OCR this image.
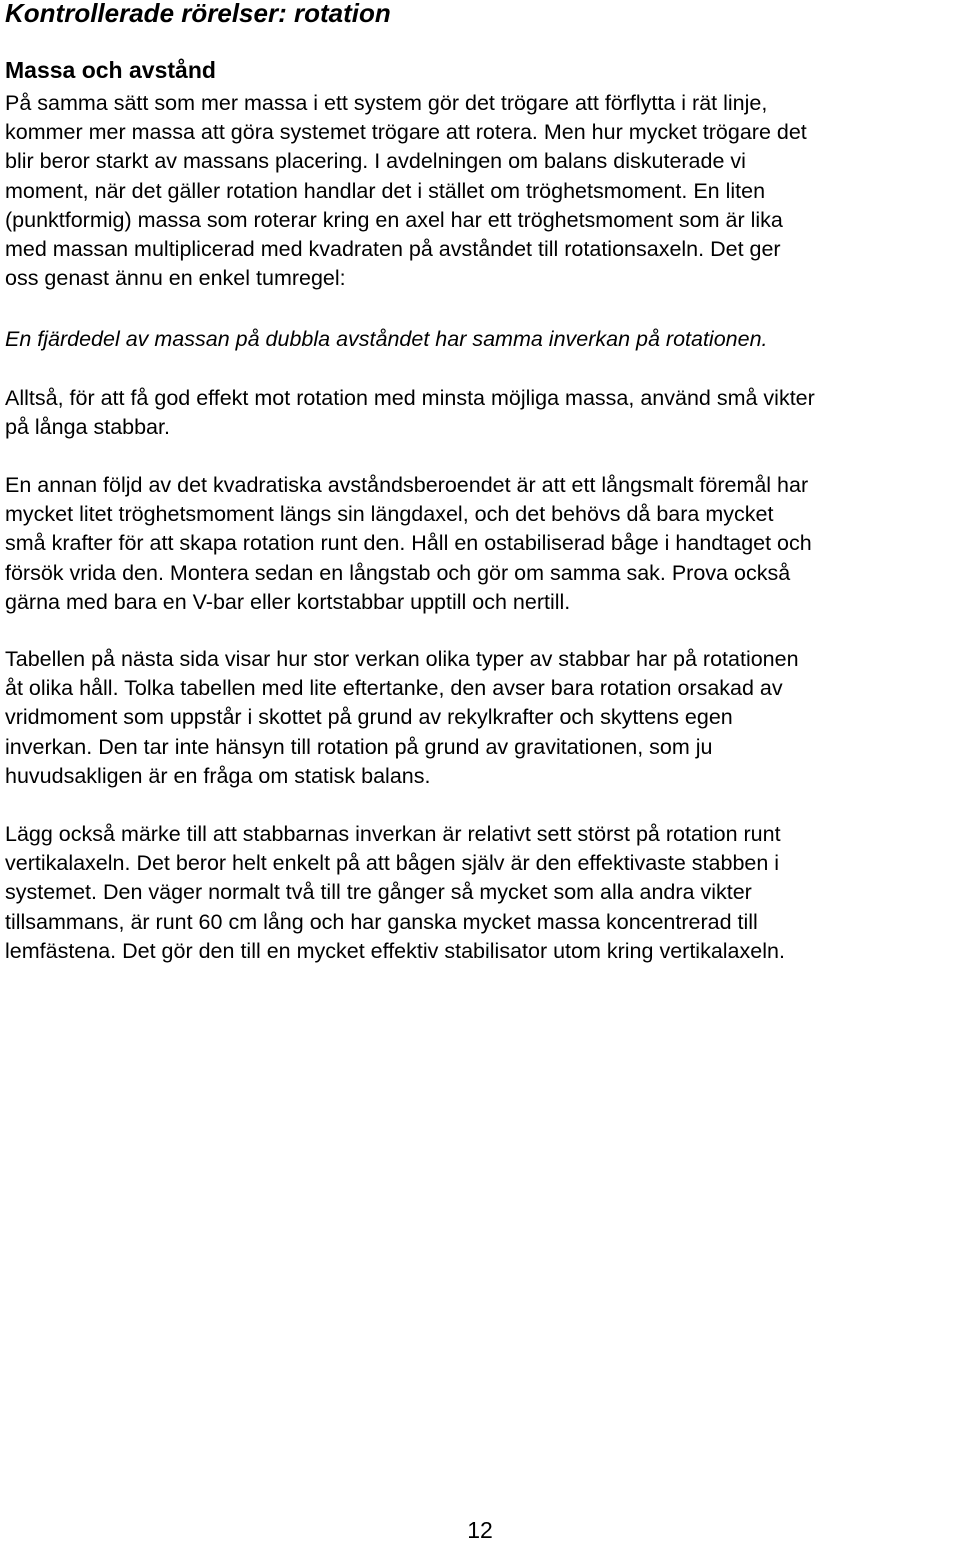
Kontrollerade rörelser: rotation
Massa och avstånd

På samma sätt som mer massa i ett system gör det trögare att förflytta i rät linje,
kommer mer massa att göra systemet trögare att rotera. Men hur mycket trögare det
blir beror starkt av massans placering. I avdelningen om balans diskuterade vi
moment, när det gäller rotation handlar det i stället om tröghetsmoment. En liten
(punktformig) massa som roterar kring en axel har ett tröghetsmoment som är lika
med massan multiplicerad med kvadraten på avståndet till rotationsaxeln. Det ger
oss genast ännu en enkel tumregel:

En fjärdedel av massan på dubbla avståndet har samma inverkan på rotationen.

Alltså, för att få god effekt mot rotation med minsta möjliga massa, använd små vikter
på långa stabbar.

En annan följd av det kvadratiska avståndsberoendet är att ett långsmalt föremål har
mycket litet tröghetsmoment längs sin längdaxel, och det behövs då bara mycket
små krafter för att skapa rotation runt den. Håll en ostabiliserad båge i handtaget och
försök vrida den. Montera sedan en långstab och gör om samma sak. Prova också
gärna med bara en V-bar eller kortstabbar upptill och nertill.

Tabellen på nästa sida visar hur stor verkan olika typer av stabbar har på rotationen
åt olika håll. Tolka tabellen med lite eftertanke, den avser bara rotation orsakad av
vridmoment som uppstår i skottet på grund av rekylkrafter och skyttens egen
inverkan. Den tar inte hänsyn till rotation på grund av gravitationen, som ju
huvudsakligen är en fråga om statisk balans.

Lägg också märke till att stabbarnas inverkan är relativt sett störst på rotation runt
vertikalaxeln. Det beror helt enkelt på att bågen själv är den effektivaste stabben i
systemet. Den väger normalt två till tre gånger så mycket som alla andra vikter
tillsammans, är runt 60 cm lång och har ganska mycket massa koncentrerad till
lemfästena. Det gör den till en mycket effektiv stabilisator utom kring vertikalaxeln.

12
